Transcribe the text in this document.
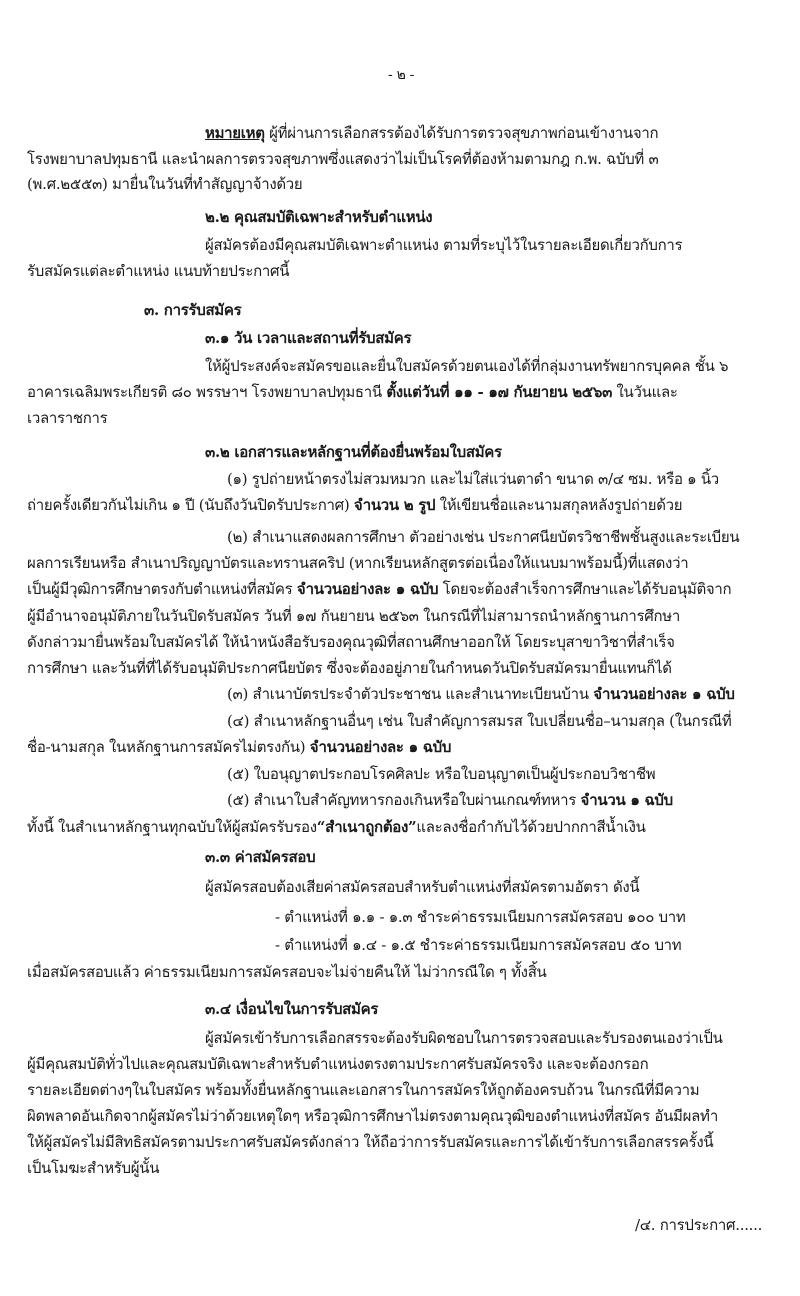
- ๒ -
หมายเหตุ ผู้ที่ผ่านการเลือกสรรต้องได้รับการตรวจสุขภาพก่อนเข้างานจาก
โรงพยาบาลปทุมธานี และนำผลการตรวจสุขภาพซึ่งแสดงว่าไม่เป็นโรคที่ต้องห้ามตามกฎ ก.พ. ฉบับที่ ๓
(พ.ศ.๒๕๕๓) มายื่นในวันที่ทำสัญญาจ้างด้วย
๒.๒ คุณสมบัติเฉพาะสำหรับตำแหน่ง
ผู้สมัครต้องมีคุณสมบัติเฉพาะตำแหน่ง ตามที่ระบุไว้ในรายละเอียดเกี่ยวกับการ
รับสมัครแต่ละตำแหน่ง แนบท้ายประกาศนี้
๓. การรับสมัคร
๓.๑ วัน เวลาและสถานที่รับสมัคร
ให้ผู้ประสงค์จะสมัครขอและยื่นใบสมัครด้วยตนเองได้ที่กลุ่มงานทรัพยากรบุคคล ชั้น ๖
อาคารเฉลิมพระเกียรติ ๘๐ พรรษาฯ โรงพยาบาลปทุมธานี ตั้งแต่วันที่ ๑๑ - ๑๗ กันยายน ๒๕๖๓ ในวันและ
เวลาราชการ
๓.๒ เอกสารและหลักฐานที่ต้องยื่นพร้อมใบสมัคร
(๑) รูปถ่ายหน้าตรงไม่สวมหมวก และไม่ใส่แว่นตาดำ ขนาด ๓/๔ ซม. หรือ ๑ นิ้ว
ถ่ายครั้งเดียวกันไม่เกิน ๑ ปี (นับถึงวันปิดรับประกาศ) จำนวน ๒ รูป ให้เขียนชื่อและนามสกุลหลังรูปถ่ายด้วย
(๒) สำเนาแสดงผลการศึกษา ตัวอย่างเช่น ประกาศนียบัตรวิชาชีพชั้นสูงและระเบียน
ผลการเรียนหรือ สำเนาปริญญาบัตรและทรานสคริป (หากเรียนหลักสูตรต่อเนื่องให้แนบมาพร้อมนี้)ที่แสดงว่า
เป็นผู้มีวุฒิการศึกษาตรงกับตำแหน่งที่สมัคร จำนวนอย่างละ ๑ ฉบับ โดยจะต้องสำเร็จการศึกษาและได้รับอนุมัติจาก
ผู้มีอำนาจอนุมัติภายในวันปิดรับสมัคร วันที่ ๑๗ กันยายน ๒๕๖๓ ในกรณีที่ไม่สามารถนำหลักฐานการศึกษา
ดังกล่าวมายื่นพร้อมใบสมัครได้ ให้นำหนังสือรับรองคุณวุฒิที่สถานศึกษาออกให้ โดยระบุสาขาวิชาที่สำเร็จ
การศึกษา และวันที่ที่ได้รับอนุมัติประกาศนียบัตร ซึ่งจะต้องอยู่ภายในกำหนดวันปิดรับสมัครมายื่นแทนก็ได้
(๓) สำเนาบัตรประจำตัวประชาชน และสำเนาทะเบียนบ้าน จำนวนอย่างละ ๑ ฉบับ
(๔) สำเนาหลักฐานอื่นๆ เช่น ใบสำคัญการสมรส ใบเปลี่ยนชื่อ–นามสกุล (ในกรณีที่
ชื่อ-นามสกุล ในหลักฐานการสมัครไม่ตรงกัน) จำนวนอย่างละ ๑ ฉบับ
(๕) ใบอนุญาตประกอบโรคศิลปะ หรือใบอนุญาตเป็นผู้ประกอบวิชาชีพ
(๕) สำเนาใบสำคัญทหารกองเกินหรือใบผ่านเกณฑ์ทหาร จำนวน ๑ ฉบับ
ทั้งนี้ ในสำเนาหลักฐานทุกฉบับให้ผู้สมัครรับรอง“สำเนาถูกต้อง”และลงชื่อกำกับไว้ด้วยปากกาสีน้ำเงิน
๓.๓ ค่าสมัครสอบ
ผู้สมัครสอบต้องเสียค่าสมัครสอบสำหรับตำแหน่งที่สมัครตามอัตรา ดังนี้
- ตำแหน่งที่ ๑.๑ - ๑.๓ ชำระค่าธรรมเนียมการสมัครสอบ ๑๐๐ บาท
- ตำแหน่งที่ ๑.๔ - ๑.๕ ชำระค่าธรรมเนียมการสมัครสอบ ๕๐ บาท
เมื่อสมัครสอบแล้ว ค่าธรรมเนียมการสมัครสอบจะไม่จ่ายคืนให้ ไม่ว่ากรณีใด ๆ ทั้งสิ้น
๓.๔ เงื่อนไขในการรับสมัคร
ผู้สมัครเข้ารับการเลือกสรรจะต้องรับผิดชอบในการตรวจสอบและรับรองตนเองว่าเป็น
ผู้มีคุณสมบัติทั่วไปและคุณสมบัติเฉพาะสำหรับตำแหน่งตรงตามประกาศรับสมัครจริง และจะต้องกรอก
รายละเอียดต่างๆในใบสมัคร พร้อมทั้งยื่นหลักฐานและเอกสารในการสมัครให้ถูกต้องครบถ้วน ในกรณีที่มีความ
ผิดพลาดอันเกิดจากผู้สมัครไม่ว่าด้วยเหตุใดๆ หรือวุฒิการศึกษาไม่ตรงตามคุณวุฒิของตำแหน่งที่สมัคร อันมีผลทำ
ให้ผู้สมัครไม่มีสิทธิสมัครตามประกาศรับสมัครดังกล่าว ให้ถือว่าการรับสมัครและการได้เข้ารับการเลือกสรรครั้งนี้
เป็นโมฆะสำหรับผู้นั้น
/๔. การประกาศ......
